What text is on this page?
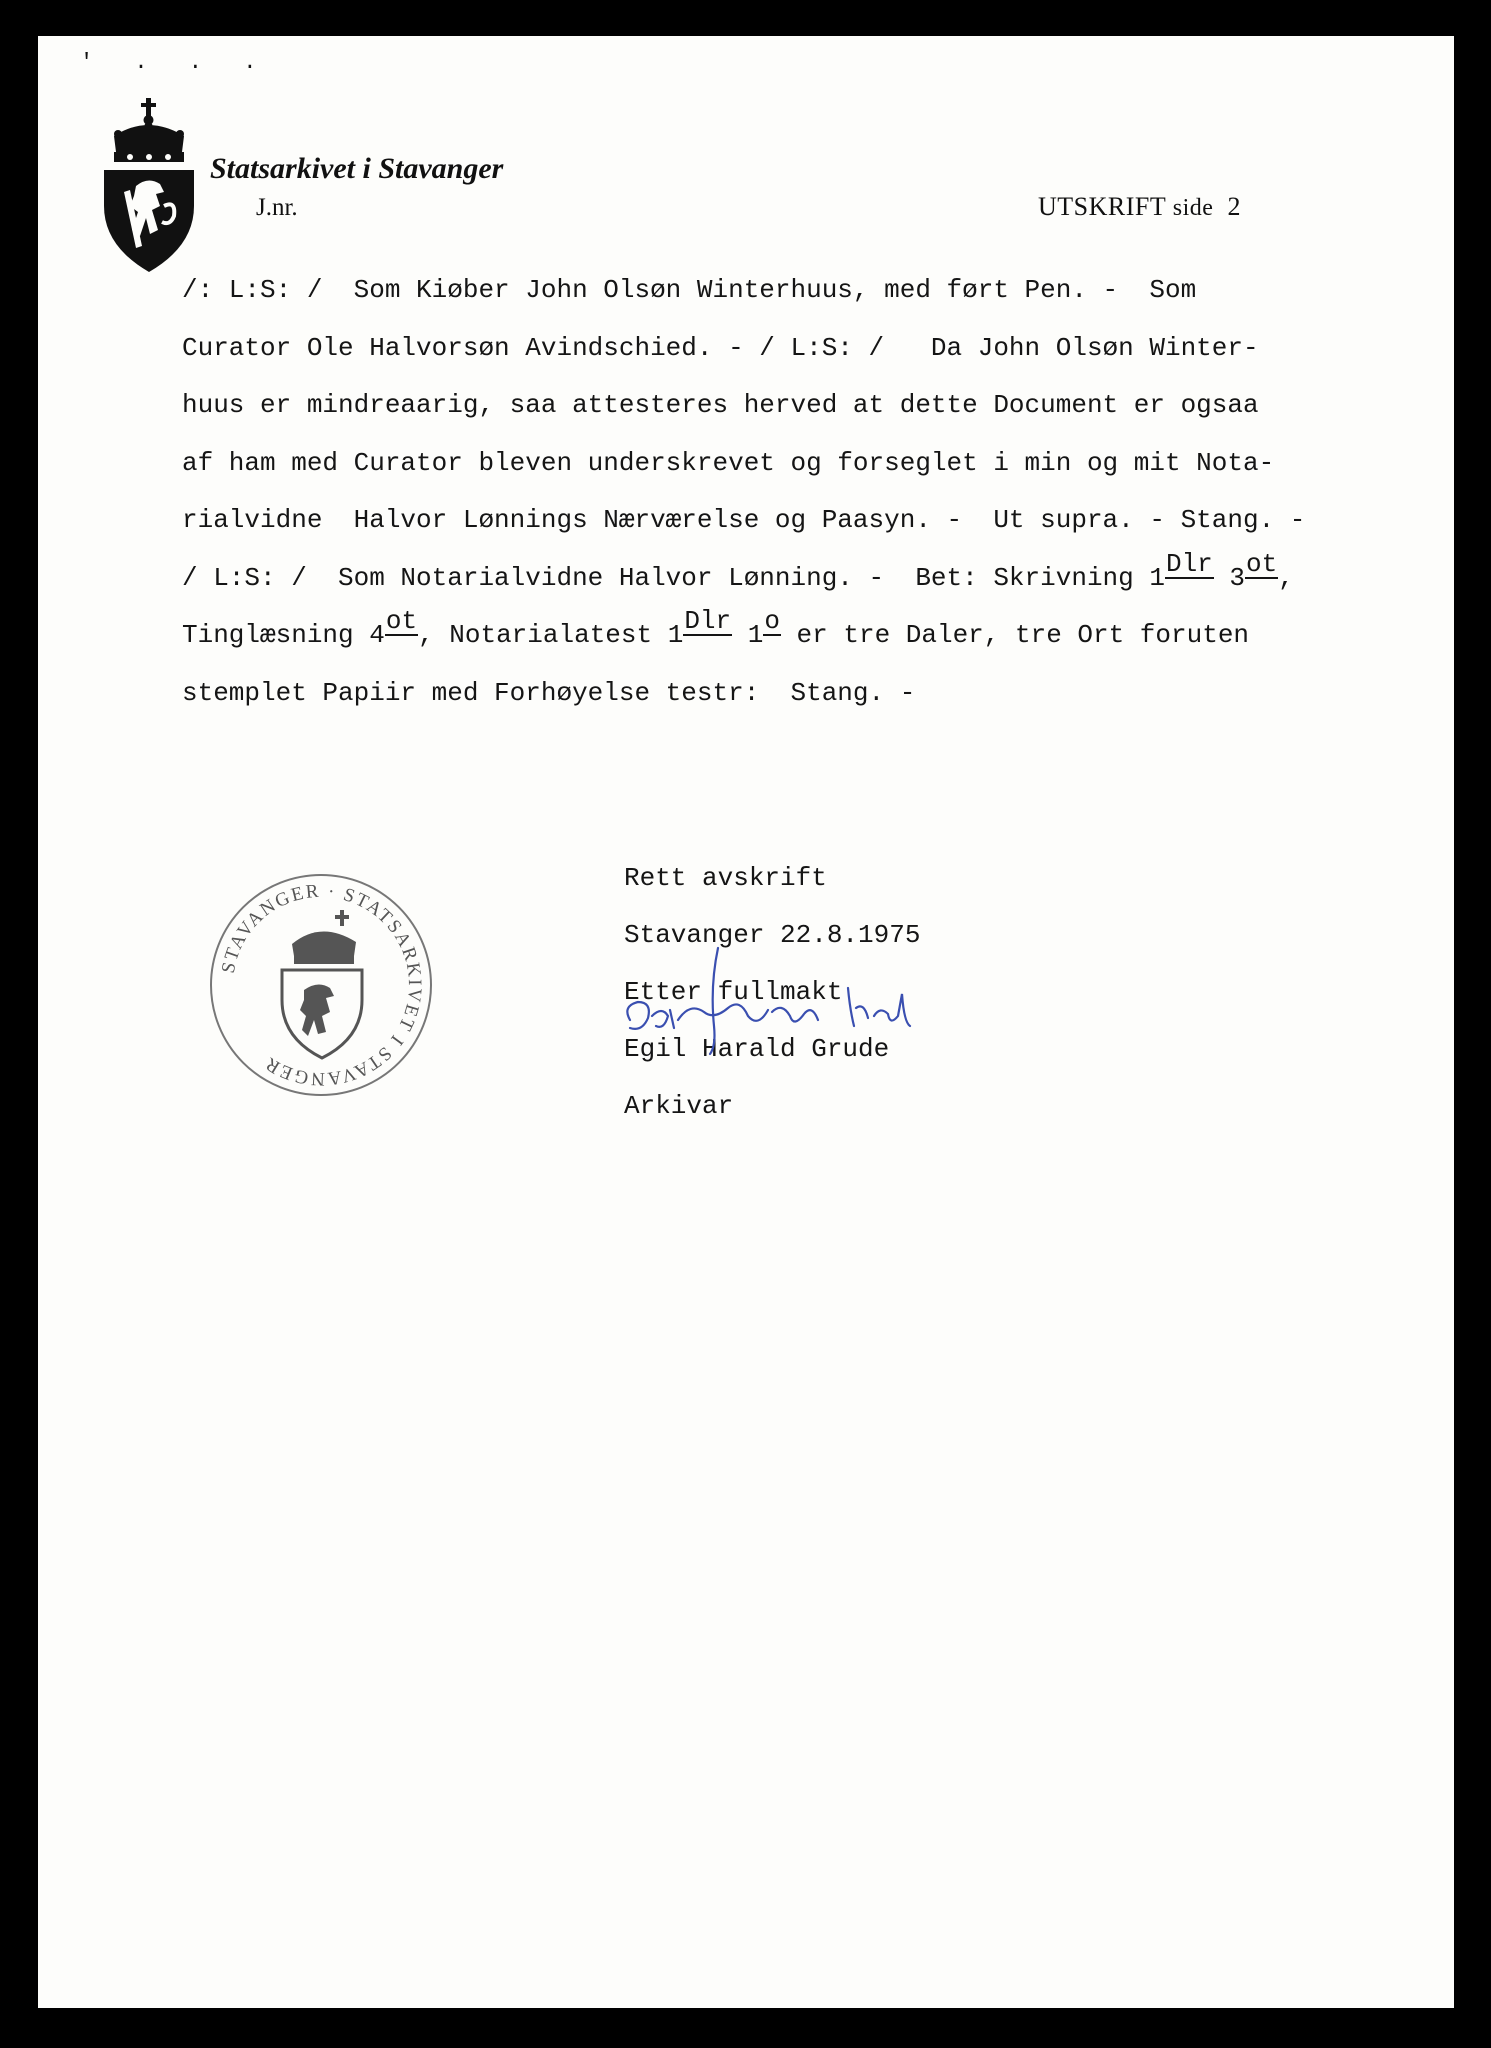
' . . .
Statsarkivet i Stavanger
J.nr.	UTSKRIFT side 2
/: L:S: /  Som Kiøber John Olsøn Winterhuus, med ført Pen. -  Som
Curator Ole Halvorsøn Avindschied. - / L:S: /   Da John Olsøn Winter-
huus er mindreaarig, saa attesteres herved at dette Document er ogsaa
af ham med Curator bleven underskrevet og forseglet i min og mit Nota-
rialvidne  Halvor Lønnings Nærværelse og Paasyn. -  Ut supra. - Stang. -
/ L:S: /  Som Notarialvidne Halvor Lønning. -  Bet: Skrivning 1Dlr 3ot,
Tinglæsning 4ot, Notarialatest 1Dlr 1o er tre Daler, tre Ort foruten
stemplet Papiir med Forhøyelse testr:  Stang. -
STAVANGER · STATSARKIVET I STAVANGER
Rett avskrift
Stavanger 22.8.1975
Etter fullmakt
Egil Harald Grude
Arkivar
